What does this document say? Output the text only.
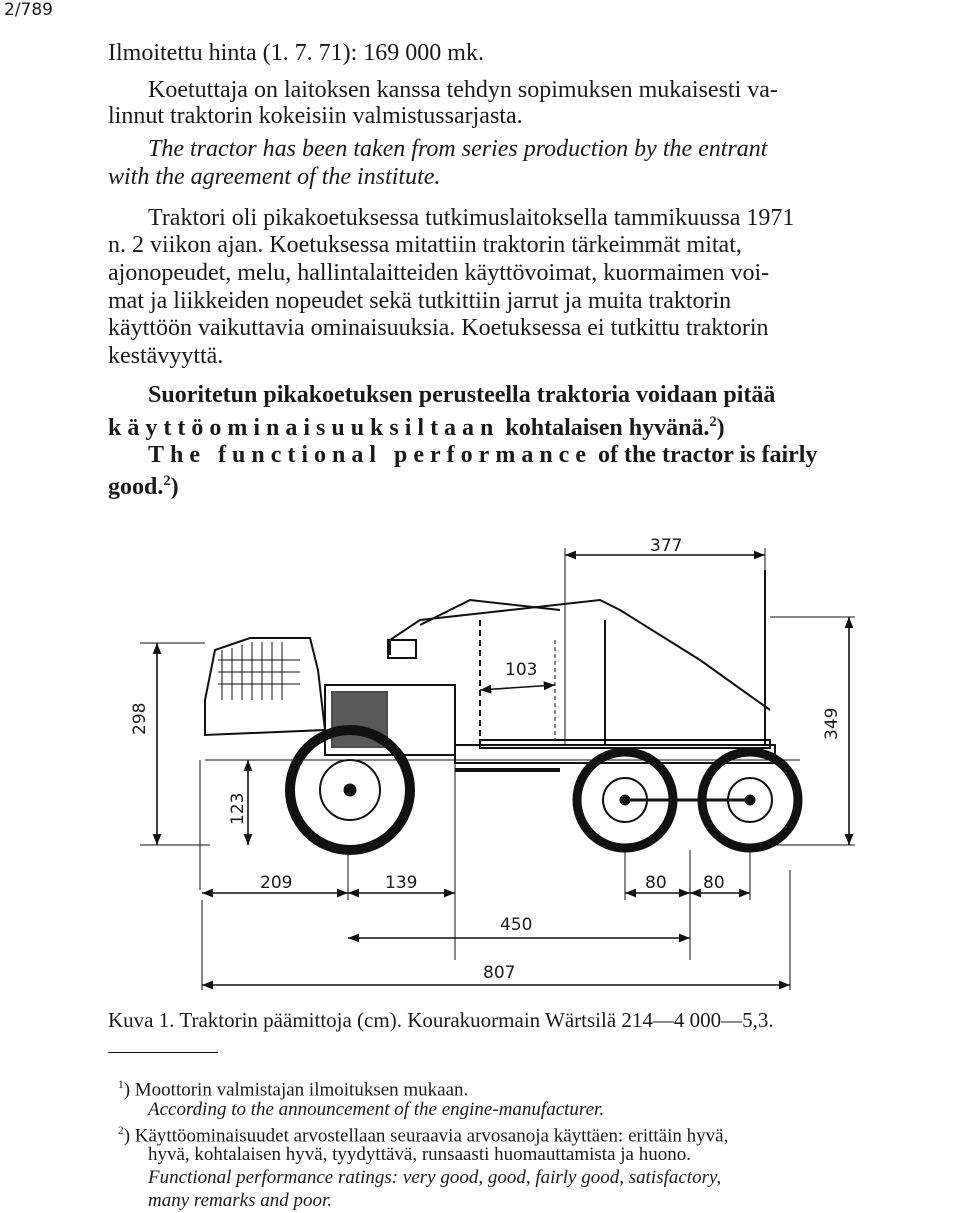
2/789
Ilmoitettu hinta (1. 7. 71): 169 000 mk.
Koetuttaja on laitoksen kanssa tehdyn sopimuksen mukaisesti va-
linnut traktorin kokeisiin valmistussarjasta.
The tractor has been taken from series production by the entrant
with the agreement of the institute.
Traktori oli pikakoetuksessa tutkimuslaitoksella tammikuussa 1971
n. 2 viikon ajan. Koetuksessa mitattiin traktorin tärkeimmät mitat,
ajonopeudet, melu, hallintalaitteiden käyttövoimat, kuormaimen voi-
mat ja liikkeiden nopeudet sekä tutkittiin jarrut ja muita traktorin
käyttöön vaikuttavia ominaisuuksia. Koetuksessa ei tutkittu traktorin
kestävyyttä.
Suoritetun pikakoetuksen perusteella traktoria voidaan pitää
käyttöominaisuuksiltaan kohtalaisen hyvänä.$^2$)
The functional performance of the tractor is fairly
good.$^2$)
377
103
298	349
123
209	139	80 80
450
807
Kuva 1. Traktorin päämittoja (cm). Kourakuormain Wärtsilä 214—4 000—5,3.
$^1$) Moottorin valmistajan ilmoituksen mukaan.
According to the announcement of the engine-manufacturer.
$^2$) Käyttöominaisuudet arvostellaan seuraavia arvosanoja käyttäen: erittäin hyvä,
hyvä, kohtalaisen hyvä, tyydyttävä, runsaasti huomauttamista ja huono.
Functional performance ratings: very good, good, fairly good, satisfactory,
many remarks and poor.
